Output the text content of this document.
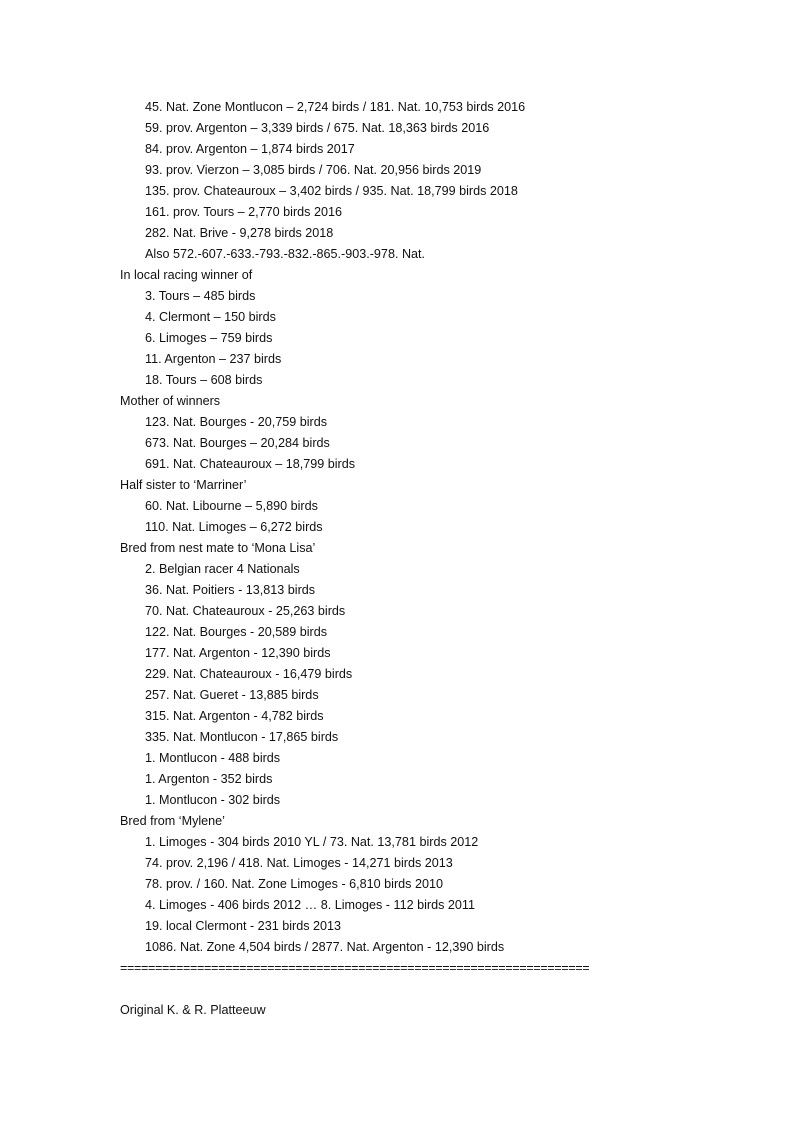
45. Nat. Zone Montlucon – 2,724 birds / 181. Nat. 10,753 birds 2016
59. prov. Argenton – 3,339 birds / 675. Nat. 18,363 birds 2016
84. prov. Argenton – 1,874 birds 2017
93. prov. Vierzon – 3,085 birds / 706. Nat. 20,956 birds 2019
135. prov. Chateauroux – 3,402 birds / 935. Nat. 18,799 birds 2018
161. prov. Tours – 2,770 birds 2016
282. Nat. Brive - 9,278 birds 2018
Also 572.-607.-633.-793.-832.-865.-903.-978. Nat.
In local racing winner of
3. Tours – 485 birds
4. Clermont – 150 birds
6. Limoges – 759 birds
11. Argenton – 237 birds
18. Tours – 608 birds
Mother of winners
123. Nat. Bourges - 20,759 birds
673. Nat. Bourges – 20,284 birds
691. Nat. Chateauroux – 18,799 birds
Half sister to ‘Marriner’
60. Nat. Libourne – 5,890 birds
110. Nat. Limoges – 6,272 birds
Bred from nest mate to ‘Mona Lisa’
2. Belgian racer 4 Nationals
36. Nat. Poitiers - 13,813 birds
70. Nat. Chateauroux - 25,263 birds
122. Nat. Bourges - 20,589 birds
177. Nat. Argenton - 12,390 birds
229. Nat. Chateauroux - 16,479 birds
257. Nat. Gueret - 13,885 birds
315. Nat. Argenton - 4,782 birds
335. Nat. Montlucon - 17,865 birds
1. Montlucon - 488 birds
1. Argenton - 352 birds
1. Montlucon - 302 birds
Bred from ‘Mylene’
1. Limoges - 304 birds 2010 YL / 73. Nat. 13,781 birds 2012
74. prov. 2,196 / 418. Nat. Limoges - 14,271 birds 2013
78. prov. / 160. Nat. Zone Limoges - 6,810 birds 2010
4. Limoges - 406 birds 2012 … 8. Limoges - 112 birds 2011
19. local Clermont - 231 birds 2013
1086. Nat. Zone 4,504 birds / 2877. Nat. Argenton - 12,390 birds
===================================================================
Original K. & R. Platteeuw
